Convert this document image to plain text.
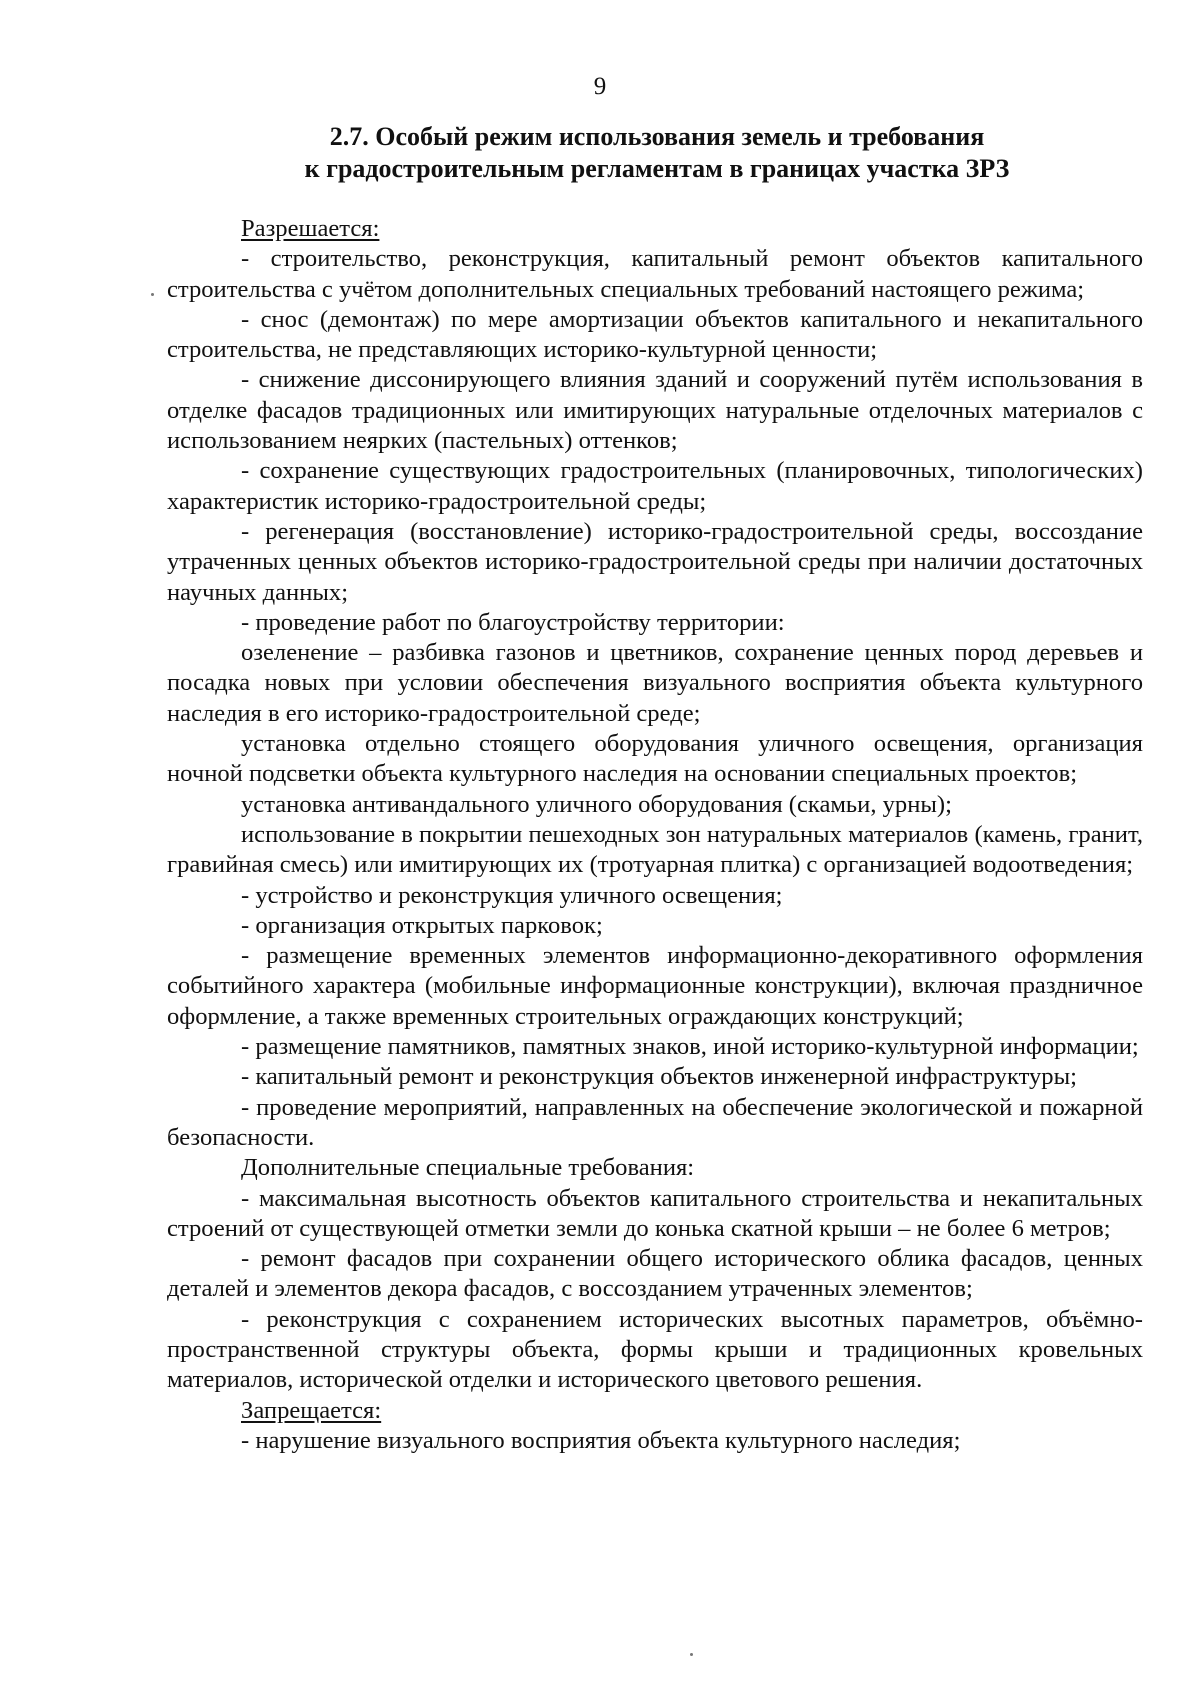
9
2.7. Особый режим использования земель и требования
к градостроительным регламентам в границах участка ЗРЗ

Разрешается:

- строительство, реконструкция, капитальный ремонт объектов капитального строительства с учётом дополнительных специальных требований настоящего режима;

- снос (демонтаж) по мере амортизации объектов капитального и некапитального строительства, не представляющих историко-культурной ценности;

- снижение диссонирующего влияния зданий и сооружений путём использования в отделке фасадов традиционных или имитирующих натуральные отделочных материалов с использованием неярких (пастельных) оттенков;

- сохранение существующих градостроительных (планировочных, типологических) характеристик историко-градостроительной среды;

- регенерация (восстановление) историко-градостроительной среды, воссоздание утраченных ценных объектов историко-градостроительной среды при наличии достаточных научных данных;

- проведение работ по благоустройству территории:

озеленение – разбивка газонов и цветников, сохранение ценных пород деревьев и посадка новых при условии обеспечения визуального восприятия объекта культурного наследия в его историко-градостроительной среде;

установка отдельно стоящего оборудования уличного освещения, организация ночной подсветки объекта культурного наследия на основании специальных проектов;

установка антивандального уличного оборудования (скамьи, урны);

использование в покрытии пешеходных зон натуральных материалов (камень, гранит, гравийная смесь) или имитирующих их (тротуарная плитка) с организацией водоотведения;

- устройство и реконструкция уличного освещения;

- организация открытых парковок;

- размещение временных элементов информационно-декоративного оформления событийного характера (мобильные информационные конструкции), включая праздничное оформление, а также временных строительных ограждающих конструкций;

- размещение памятников, памятных знаков, иной историко-культурной информации;

- капитальный ремонт и реконструкция объектов инженерной инфраструктуры;

- проведение мероприятий, направленных на обеспечение экологической и пожарной безопасности.

Дополнительные специальные требования:

- максимальная высотность объектов капитального строительства и некапитальных строений от существующей отметки земли до конька скатной крыши – не более 6 метров;

- ремонт фасадов при сохранении общего исторического облика фасадов, ценных деталей и элементов декора фасадов, с воссозданием утраченных элементов;

- реконструкция с сохранением исторических высотных параметров, объёмно-пространственной структуры объекта, формы крыши и традиционных кровельных материалов, исторической отделки и исторического цветового решения.

Запрещается:

- нарушение визуального восприятия объекта культурного наследия;
